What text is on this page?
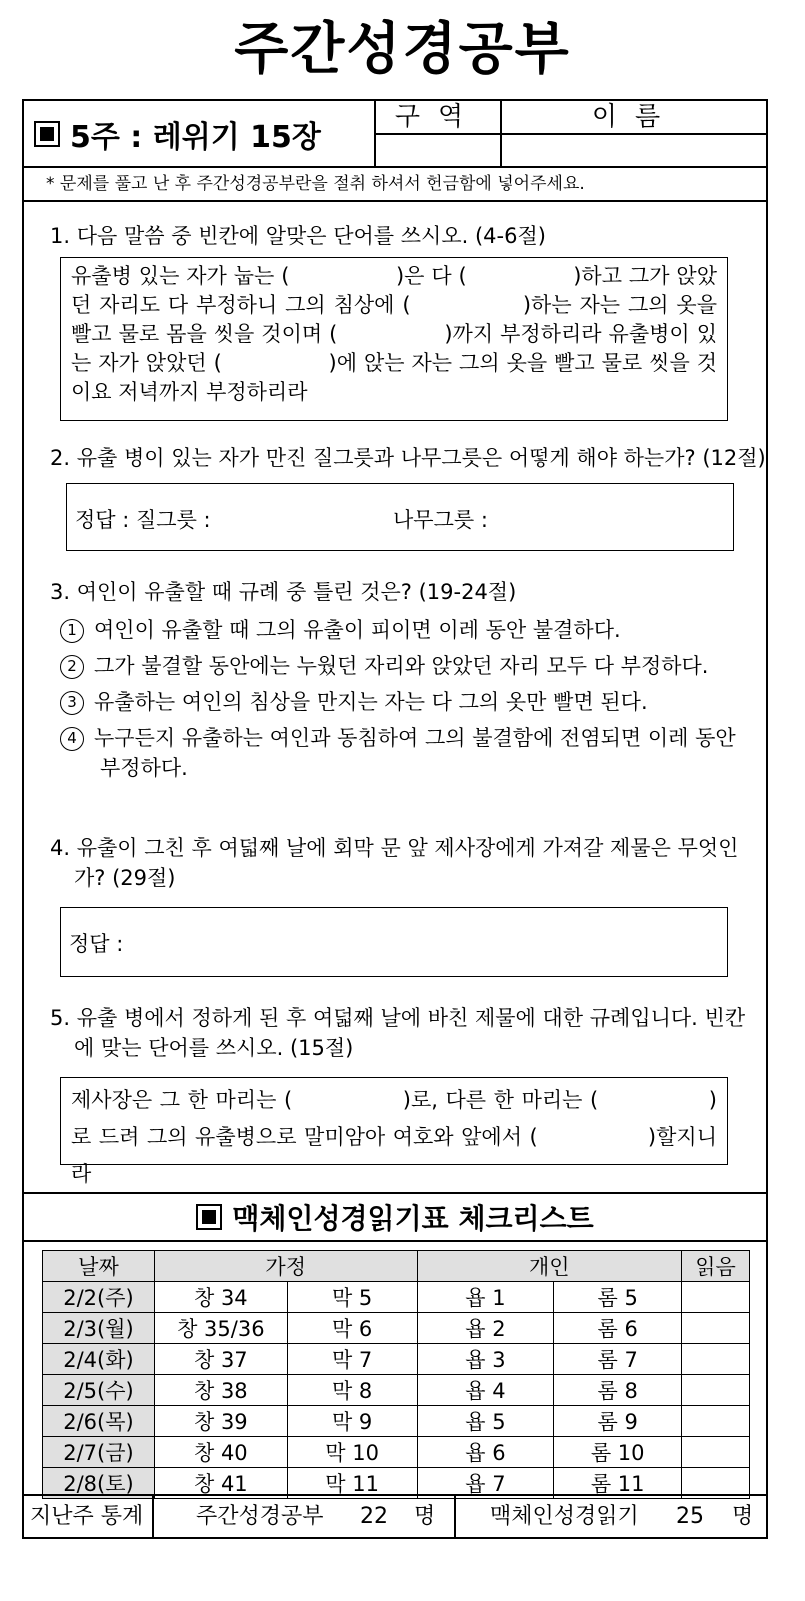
주간성경공부
5주 : 레위기 15장
구역	이름
* 문제를 풀고 난 후 주간성경공부란을 절취 하셔서 헌금함에 넣어주세요.
1. 다음 말씀 중 빈칸에 알맞은 단어를 쓰시오. (4-6절)
유출병 있는 자가 눕는 (　　　　　)은 다 (　　　　　)하고 그가 앉았던 자리도 다 부정하니 그의 침상에 (　　　　　)하는 자는 그의 옷을 빨고 물로 몸을 씻을 것이며 (　　　　　)까지 부정하리라 유출병이 있는 자가 앉았던 (　　　　　)에 앉는 자는 그의 옷을 빨고 물로 씻을 것이요 저녁까지 부정하리라
2. 유출 병이 있는 자가 만진 질그릇과 나무그릇은 어떻게 해야 하는가? (12절)
정답 : 질그릇 :	나무그릇 :
3. 여인이 유출할 때 규례 중 틀린 것은? (19-24절)
1 여인이 유출할 때 그의 유출이 피이면 이레 동안 불결하다.
2 그가 불결할 동안에는 누웠던 자리와 앉았던 자리 모두 다 부정하다.
3 유출하는 여인의 침상을 만지는 자는 다 그의 옷만 빨면 된다.
4 누구든지 유출하는 여인과 동침하여 그의 불결함에 전염되면 이레 동안 부정하다.
4. 유출이 그친 후 여덟째 날에 회막 문 앞 제사장에게 가져갈 제물은 무엇인가? (29절)
정답 :
5. 유출 병에서 정하게 된 후 여덟째 날에 바친 제물에 대한 규례입니다. 빈칸에 맞는 단어를 쓰시오. (15절)
제사장은 그 한 마리는 (　　　　　)로, 다른 한 마리는 (　　　　　)로 드려 그의 유출병으로 말미암아 여호와 앞에서 (　　　　　)할지니라
맥체인성경읽기표 체크리스트
날짜	가정		개인		읽음
2/2(주)	창 34	막 5	욥 1	롬 5	
2/3(월)	창 35/36	막 6	욥 2	롬 6	
2/4(화)	창 37	막 7	욥 3	롬 7	
2/5(수)	창 38	막 8	욥 4	롬 8	
2/6(목)	창 39	막 9	욥 5	롬 9	
2/7(금)	창 40	막 10	욥 6	롬 10	
2/8(토)	창 41	막 11	욥 7	롬 11	
지난주 통계	주간성경공부 22 명 맥체인성경읽기 25 명
